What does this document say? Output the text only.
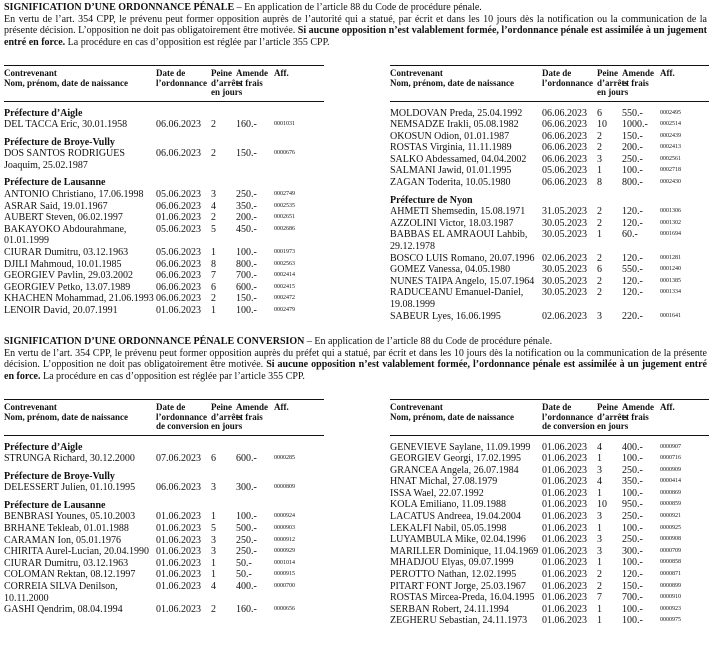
SIGNIFICATION D’UNE ORDONNANCE PÉNALE – En application de l’article 88 du Code de procédure pénale.
En vertu de l’art. 354 CPP, le prévenu peut former opposition auprès de l’autorité qui a statué, par écrit et dans les 10 jours dès la notification ou la communication de la présente décision. L’opposition ne doit pas obligatoirement être motivée. Si aucune opposition n’est valablement formée, l’ordonnance pénale est assimilée à un jugement entré en force. La procédure en cas d’opposition est réglée par l’article 355 CPP.
Contrevenant
Nom, prénom, date de naissance
Date de
l’ordonnance
Peine
d’arrêts
en jours
Amende
et frais
Aff.
Préfecture d’Aigle
DEL TACCA Eric, 30.01.1958	06.06.2023	2	160.-	0001031
Préfecture de Broye-Vully
DOS SANTOS RODRIGUES Joaquim, 25.02.1987
06.06.2023	2	150.-	0000676
Préfecture de Lausanne
ANTONIO Christiano, 17.06.1998	05.06.2023	3	250.-	0002749
ASRAR Said, 19.01.1967	06.06.2023	4	350.-	0002535
AUBERT Steven, 06.02.1997	01.06.2023	2	200.-	0002651
BAKAYOKO Abdourahmane, 01.01.1999
05.06.2023	5	450.-	0002686
CIURAR Dumitru, 03.12.1963	05.06.2023	1	100.-	0001973
DJILI Mahmoud, 10.01.1985	06.06.2023	8	800.-	0002563
GEORGIEV Pavlin, 29.03.2002	06.06.2023	7	700.-	0002414
GEORGIEV Petko, 13.07.1989	06.06.2023	6	600.-	0002415
KHACHEN Mohammad, 21.06.1993 06.06.2023	2	150.-	0002472
LENOIR David, 20.07.1991	01.06.2023	1	100.-	0002479
Contrevenant
Nom, prénom, date de naissance
Date de
l’ordonnance
Peine
d’arrêts
en jours
Amende
et frais
Aff.
MOLDOVAN Preda, 25.04.1992	06.06.2023	6	550.-	0002495
NEMSADZE Irakli, 05.08.1982	06.06.2023	10	1000.-	0002514
OKOSUN Odion, 01.01.1987	06.06.2023	2	150.-	0002439
ROSTAS Virginia, 11.11.1989	06.06.2023	2	200.-	0002413
SALKO Abdessamed, 04.04.2002	06.06.2023	3	250.-	0002561
SALMANI Jawid, 01.01.1995	05.06.2023	1	100.-	0002718
ZAGAN Toderita, 10.05.1980	06.06.2023	8	800.-	0002430
Préfecture de Nyon
AHMETI Shemsedin, 15.08.1971	31.05.2023	2	120.-	0001306
AZZOLINI Victor, 18.03.1987	30.05.2023	2	120.-	0001302
BABBAS EL AMRAOUI Lahbib, 29.12.1978
30.05.2023	1	60.-	0001694
BOSCO LUIS Romano, 20.07.1996 02.06.2023	2	120.-	0001281
GOMEZ Vanessa, 04.05.1980	30.05.2023	6	550.-	0001240
NUNES TAIPA Angelo, 15.07.1964 30.05.2023	2	120.-	0001385
RADUCEANU Emanuel-Daniel, 19.08.1999
30.05.2023	2	120.-	0001334
SABEUR Lyes, 16.06.1995	02.06.2023	3	220.-	0001641
SIGNIFICATION D’UNE ORDONNANCE PÉNALE CONVERSION – En application de l’article 88 du Code de procédure pénale.
En vertu de l’art. 354 CPP, le prévenu peut former opposition auprès du préfet qui a statué, par écrit et dans les 10 jours dès la notification ou la communication de la présente décision. L’opposition ne doit pas obligatoirement être motivée. Si aucune opposition n’est valablement formée, l’ordonnance pénale est assimilée à un jugement entré en force. La procédure en cas d’opposition est réglée par l’article 355 CPP.
Contrevenant
Nom, prénom, date de naissance
Date de
l’ordonnance
de conversion
Peine
d’arrêts
en jours
Amende
et frais
Aff.
Préfecture d’Aigle
STRUNGA Richard, 30.12.2000	07.06.2023	6	600.-	0000285
Préfecture de Broye-Vully
DELESSERT Julien, 01.10.1995	06.06.2023	3	300.-	0000809
Préfecture de Lausanne
BENBRASI Younes, 05.10.2003	01.06.2023	1	100.-	0000924
BRHANE Tekleab, 01.01.1988	01.06.2023	5	500.-	0000903
CARAMAN Ion, 05.01.1976	01.06.2023	3	250.-	0000912
CHIRITA Aurel-Lucian, 20.04.1990 01.06.2023	3	250.-	0000929
CIURAR Dumitru, 03.12.1963	01.06.2023	1	50.-	0001014
COLOMAN Rektan, 08.12.1997	01.06.2023	1	50.-	0000915
CORREIA SILVA Denilson, 10.11.2000
01.06.2023	4	400.-	0000700
GASHI Qendrim, 08.04.1994	01.06.2023	2	160.-	0000656
Contrevenant
Nom, prénom, date de naissance
Date de
l’ordonnance
de conversion
Peine
d’arrêts
en jours
Amende
et frais
Aff.
GENEVIEVE Saylane, 11.09.1999	01.06.2023	4	400.-	0000907
GEORGIEV Georgi, 17.02.1995	01.06.2023	1	100.-	0000716
GRANCEA Angela, 26.07.1984	01.06.2023	3	250.-	0000909
HNAT Michal, 27.08.1979	01.06.2023	4	350.-	0000414
ISSA Wael, 22.07.1992	01.06.2023	1	100.-	0000869
KOLA Emiliano, 11.09.1988	01.06.2023	10	950.-	0000859
LACATUS Andreea, 19.04.2004	01.06.2023	3	250.-	0000921
LEKALFI Nabil, 05.05.1998	01.06.2023	1	100.-	0000925
LUYAMBULA Mike, 02.04.1996	01.06.2023	3	250.-	0000908
MARILLER Dominique, 11.04.1969 01.06.2023	3	300.-	0000709
MHADJOU Elyas, 09.07.1999	01.06.2023	1	100.-	0000858
PEROTTO Nathan, 12.02.1995	01.06.2023	2	120.-	0000871
PITART FONT Jorge, 25.03.1967	01.06.2023	2	150.-	0000899
ROSTAS Mircea-Preda, 16.04.1995 01.06.2023	7	700.-	0000910
SERBAN Robert, 24.11.1994	01.06.2023	1	100.-	0000923
ZEGHERU Sebastian, 24.11.1973	01.06.2023	1	100.-	0000975
